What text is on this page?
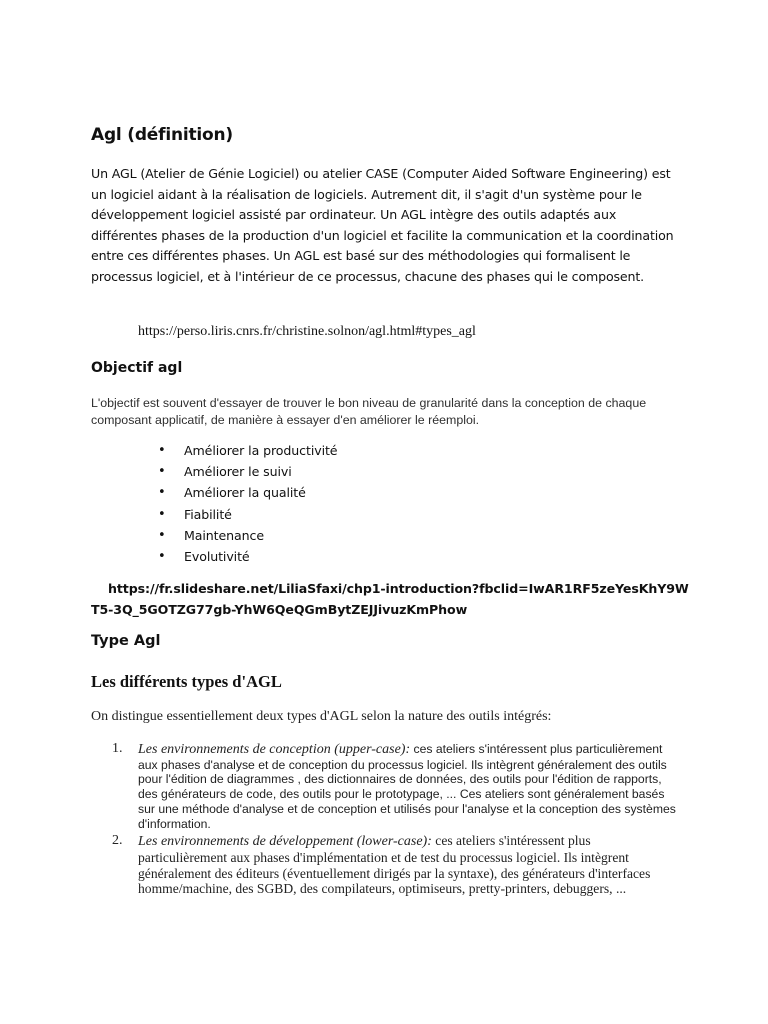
Agl (définition)

Un AGL (Atelier de Génie Logiciel) ou atelier CASE (Computer Aided Software Engineering) est un logiciel aidant à la réalisation de logiciels. Autrement dit, il s'agit d'un système pour le développement logiciel assisté par ordinateur. Un AGL intègre des outils adaptés aux différentes phases de la production d'un logiciel et facilite la communication et la coordination entre ces différentes phases. Un AGL est basé sur des méthodologies qui formalisent le processus logiciel, et à l'intérieur de ce processus, chacune des phases qui le composent.

https://perso.liris.cnrs.fr/christine.solnon/agl.html#types_agl
Objectif agl

L'objectif est souvent d'essayer de trouver le bon niveau de granularité dans la conception de chaque composant applicatif, de manière à essayer d'en améliorer le réemploi.

• Améliorer la productivité
• Améliorer le suivi
• Améliorer la qualité
• Fiabilité
• Maintenance
• Evolutivité
https://fr.slideshare.net/LiliaSfaxi/chp1-introduction?fbclid=IwAR1RF5zeYesKhY9WT5-3Q_5GOTZG77gb-YhW6QeQGmBytZEJJivuzKmPhow
Type Agl
Les différents types d'AGL
On distingue essentiellement deux types d'AGL selon la nature des outils intégrés:
1. Les environnements de conception (upper-case): ces ateliers s'intéressent plus particulièrement aux phases d'analyse et de conception du processus logiciel. Ils intègrent généralement des outils pour l'édition de diagrammes , des dictionnaires de données, des outils pour l'édition de rapports, des générateurs de code, des outils pour le prototypage, ... Ces ateliers sont généralement basés sur une méthode d'analyse et de conception et utilisés pour l'analyse et la conception des systèmes d'information.
2. Les environnements de développement (lower-case): ces ateliers s'intéressent plus particulièrement aux phases d'implémentation et de test du processus logiciel. Ils intègrent généralement des éditeurs (éventuellement dirigés par la syntaxe), des générateurs d'interfaces homme/machine, des SGBD, des compilateurs, optimiseurs, pretty-printers, debuggers, ...
